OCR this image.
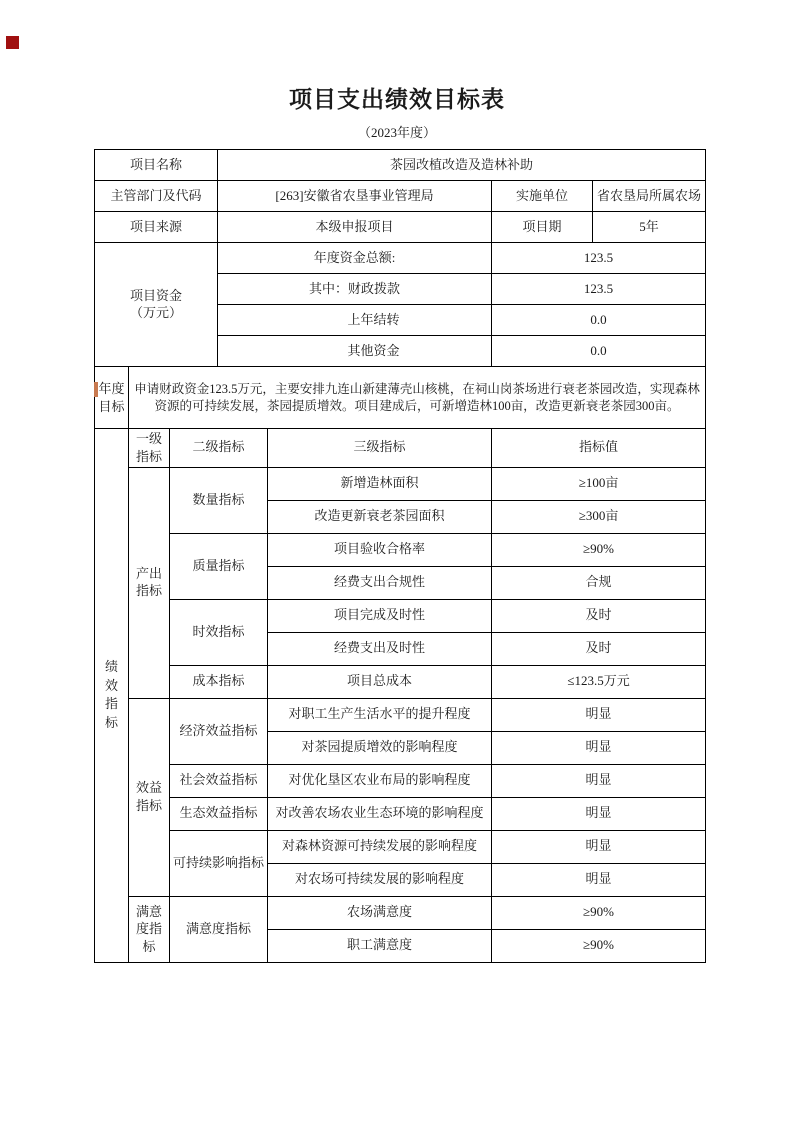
项目支出绩效目标表
（2023年度）
项目名称			茶园改植改造及造林补助			
主管部门及代码			[263]安徽省农垦事业管理局		实施单位	省农垦局所属农场
项目来源			本级申报项目		项目期	5年

项目资金
（万元）			年度资金总额:		123.5	
			其中：财政拨款		123.5	
			上年结转		0.0	
			其他资金		0.0	
年度目标	申请财政资金123.5万元，主要安排九连山新建薄壳山核桃，在祠山岗茶场进行衰老茶园改造，实现森林资源的可持续发展，茶园提质增效。项目建成后，可新增造林100亩，改造更新衰老茶园300亩。					
绩效指标	一级指标	二级指标		三级指标	指标值	
	产出指标	数量指标		新增造林面积	≥100亩	
				改造更新衰老茶园面积	≥300亩	
		质量指标		项目验收合格率	≥90%	
				经费支出合规性	合规	
		时效指标		项目完成及时性	及时	
				经费支出及时性	及时	
		成本指标		项目总成本	≤123.5万元	
	效益指标	经济效益指标		对职工生产生活水平的提升程度	明显	
				对茶园提质增效的影响程度	明显	
		社会效益指标		对优化垦区农业布局的影响程度	明显	
		生态效益指标		对改善农场农业生态环境的影响程度	明显	
		可持续影响指标		对森林资源可持续发展的影响程度	明显	
				对农场可持续发展的影响程度	明显	
	满意度指标	满意度指标		农场满意度	≥90%	
				职工满意度	≥90%	
